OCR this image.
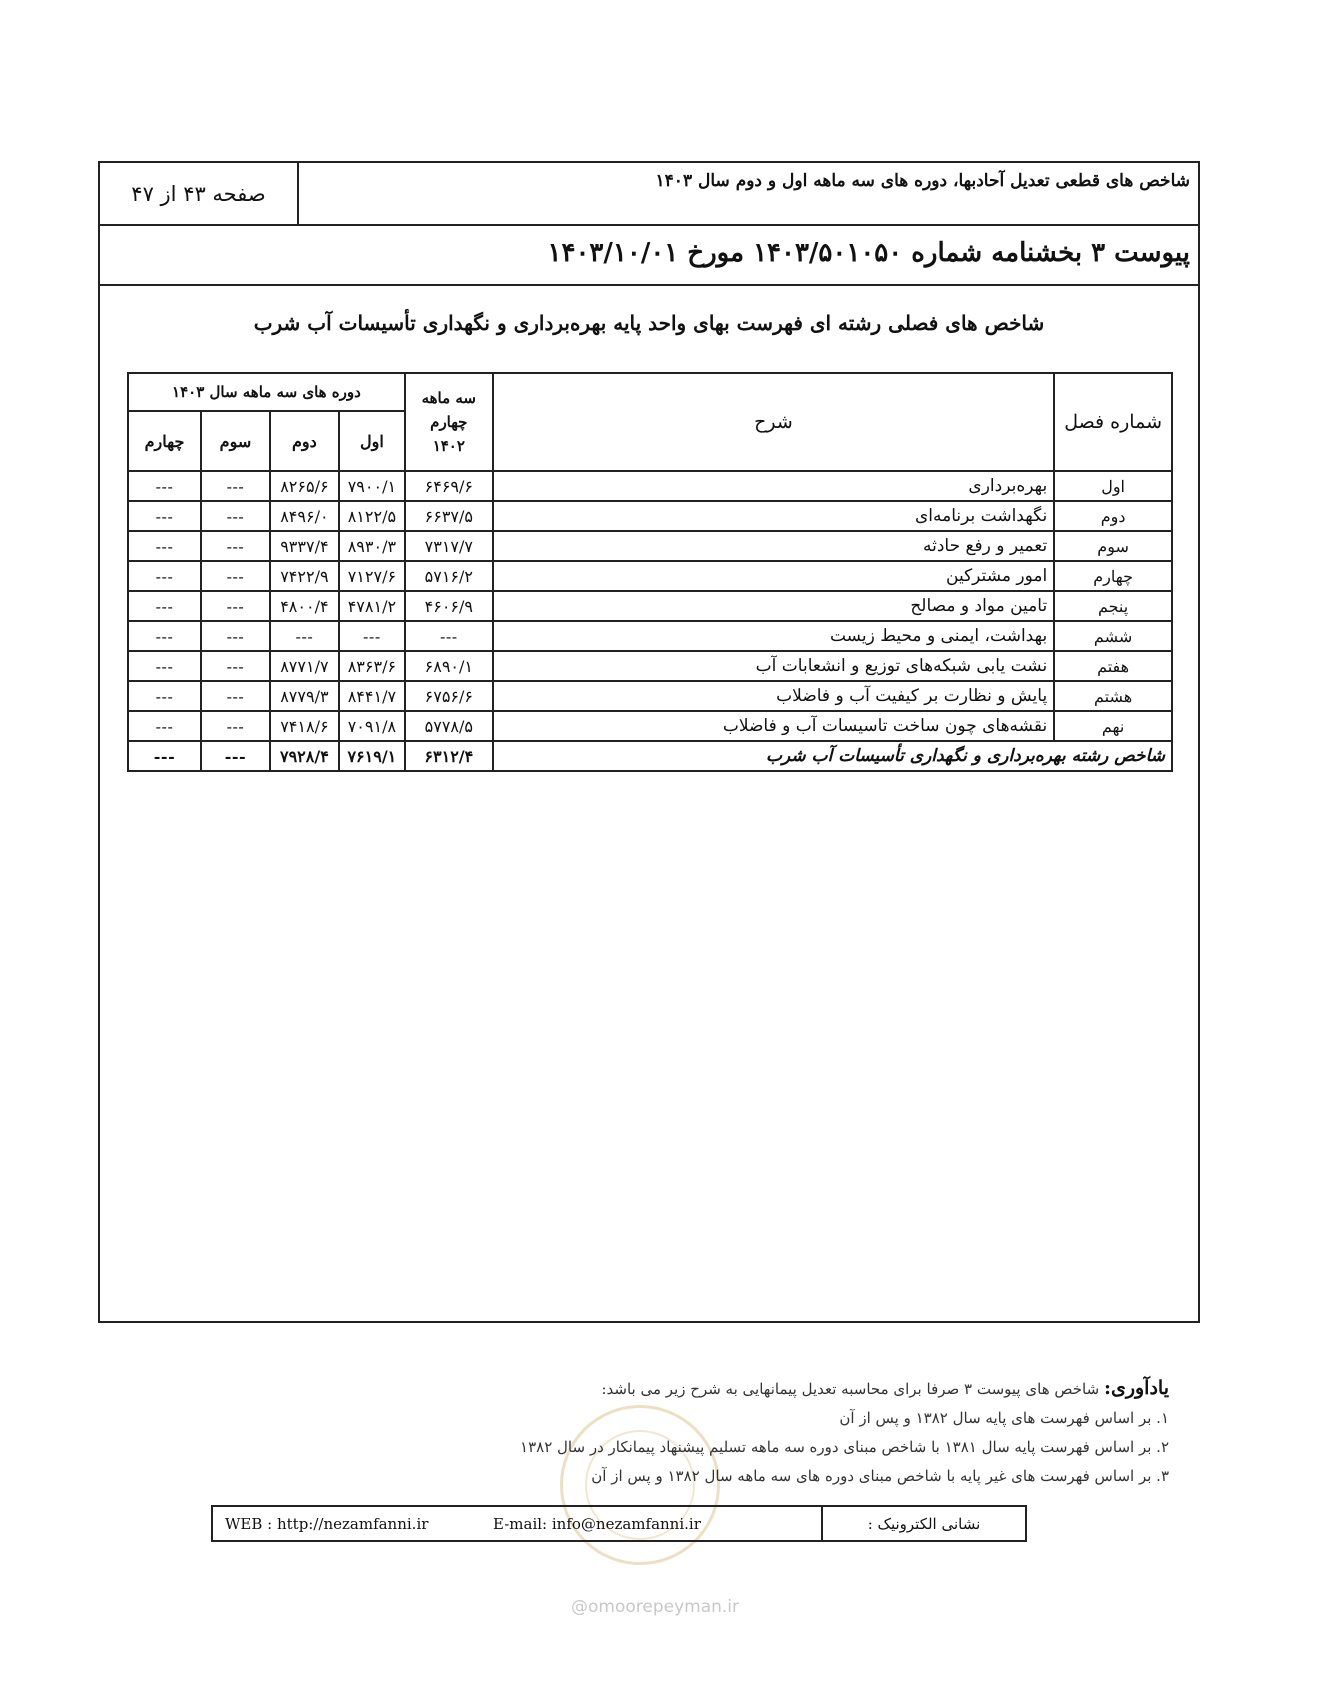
شاخص های قطعی تعدیل آحادبها، دوره های سه ماهه اول و دوم سال ۱۴۰۳
صفحه ۴۳ از ۴۷
پیوست ۳ بخشنامه شماره ۱۴۰۳/۵۰۱۰۵۰ مورخ ۱۴۰۳/۱۰/۰۱
شاخص های فصلی رشته ای فهرست بهای واحد پایه بهره‌برداری و نگهداری تأسیسات آب شرب
شماره فصل	شرح	سه ماهه
چهارم ۱۴۰۲	دوره های سه ماهه سال ۱۴۰۳			
			اول	دوم	سوم	چهارم
اول	بهره‌برداری	۶۴۶۹/۶	۷۹۰۰/۱	۸۲۶۵/۶	---	---
دوم	نگهداشت برنامه‌ای	۶۶۳۷/۵	۸۱۲۲/۵	۸۴۹۶/۰	---	---
سوم	تعمیر و رفع حادثه	۷۳۱۷/۷	۸۹۳۰/۳	۹۳۳۷/۴	---	---
چهارم	امور مشترکین	۵۷۱۶/۲	۷۱۲۷/۶	۷۴۲۲/۹	---	---
پنجم	تامین مواد و مصالح	۴۶۰۶/۹	۴۷۸۱/۲	۴۸۰۰/۴	---	---
ششم	بهداشت، ایمنی و محیط زیست	---	---	---	---	---
هفتم	نشت یابی شبکه‌های توزیع و انشعابات آب	۶۸۹۰/۱	۸۳۶۳/۶	۸۷۷۱/۷	---	---
هشتم	پایش و نظارت بر کیفیت آب و فاضلاب	۶۷۵۶/۶	۸۴۴۱/۷	۸۷۷۹/۳	---	---
نهم	نقشه‌های چون ساخت تاسیسات آب و فاضلاب	۵۷۷۸/۵	۷۰۹۱/۸	۷۴۱۸/۶	---	---
شاخص رشته بهره‌برداری و نگهداری تأسیسات آب شرب		۶۳۱۲/۴	۷۶۱۹/۱	۷۹۲۸/۴	---	---
یادآوری: شاخص های پیوست ۳ صرفا برای محاسبه تعدیل پیمانهایی به شرح زیر می باشد:
۱. بر اساس فهرست های پایه سال ۱۳۸۲ و پس از آن
۲. بر اساس فهرست پایه سال ۱۳۸۱ با شاخص مبنای دوره سه ماهه تسلیم پیشنهاد پیمانکار در سال ۱۳۸۲
۳. بر اساس فهرست های غیر پایه با شاخص مبنای دوره های سه ماهه سال ۱۳۸۲ و پس از آن
نشانی الکترونیک :
E-mail: info@nezamfanni.ir
WEB : http://nezamfanni.ir
@omoorepeyman.ir
